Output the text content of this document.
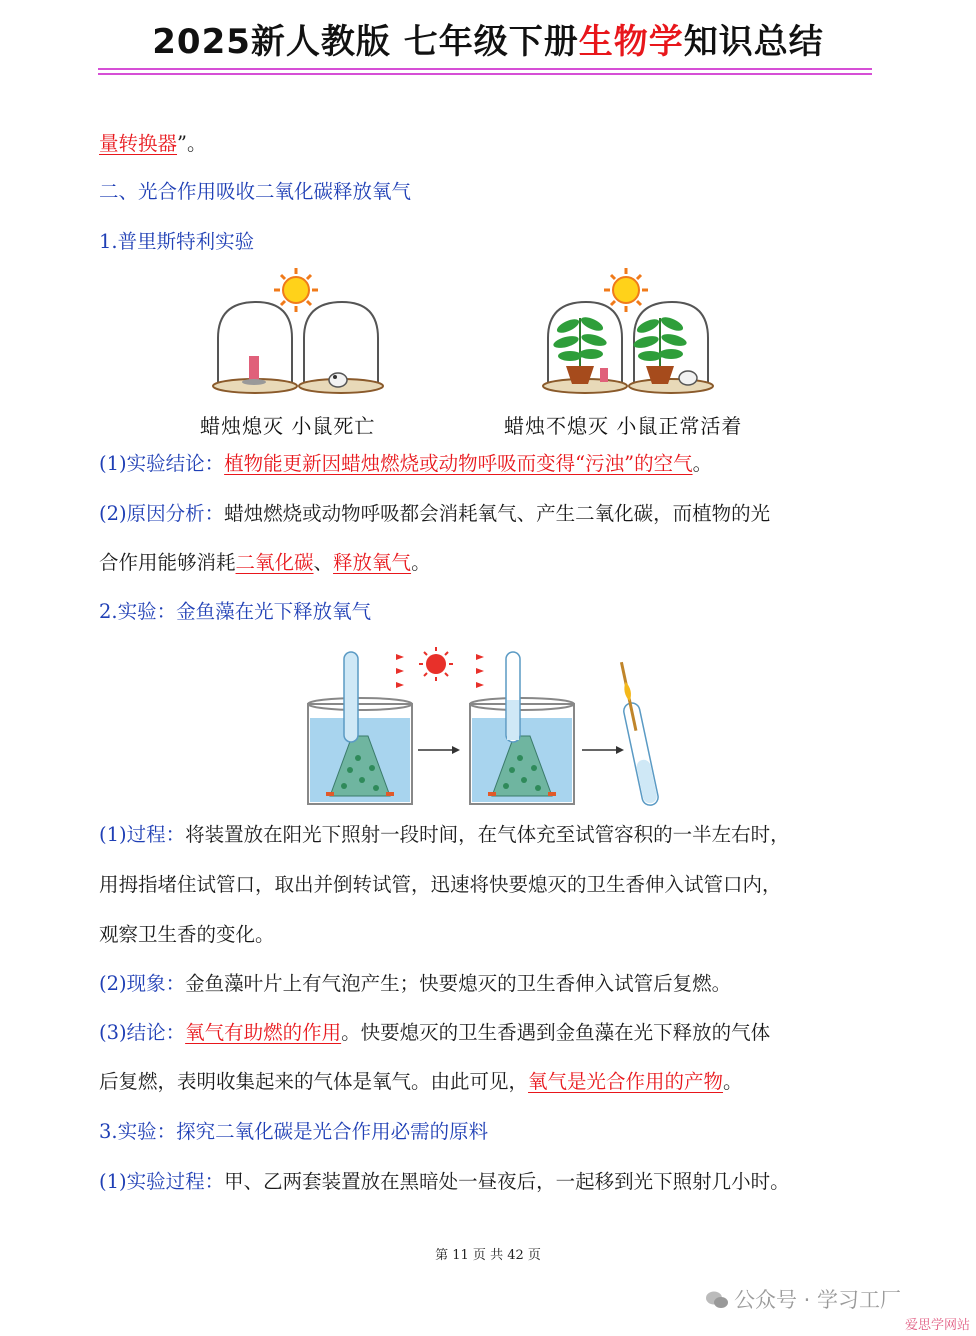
2025新人教版 七年级下册生物学知识总结
量转换器”。
二、光合作用吸收二氧化碳释放氧气
1.普里斯特利实验
蜡烛熄灭 小鼠死亡	蜡烛不熄灭 小鼠正常活着
(1)实验结论：植物能更新因蜡烛燃烧或动物呼吸而变得“污浊”的空气。
(2)原因分析：蜡烛燃烧或动物呼吸都会消耗氧气、产生二氧化碳，而植物的光
合作用能够消耗二氧化碳、释放氧气。
2.实验：金鱼藻在光下释放氧气
(1)过程：将装置放在阳光下照射一段时间，在气体充至试管容积的一半左右时，
用拇指堵住试管口，取出并倒转试管，迅速将快要熄灭的卫生香伸入试管口内，
观察卫生香的变化。
(2)现象：金鱼藻叶片上有气泡产生；快要熄灭的卫生香伸入试管后复燃。
(3)结论：氧气有助燃的作用。快要熄灭的卫生香遇到金鱼藻在光下释放的气体
后复燃，表明收集起来的气体是氧气。由此可见，氧气是光合作用的产物。
3.实验：探究二氧化碳是光合作用必需的原料
(1)实验过程：甲、乙两套装置放在黑暗处一昼夜后，一起移到光下照射几小时。
第 11 页 共 42 页
公众号 · 学习工厂
爱思学网站
